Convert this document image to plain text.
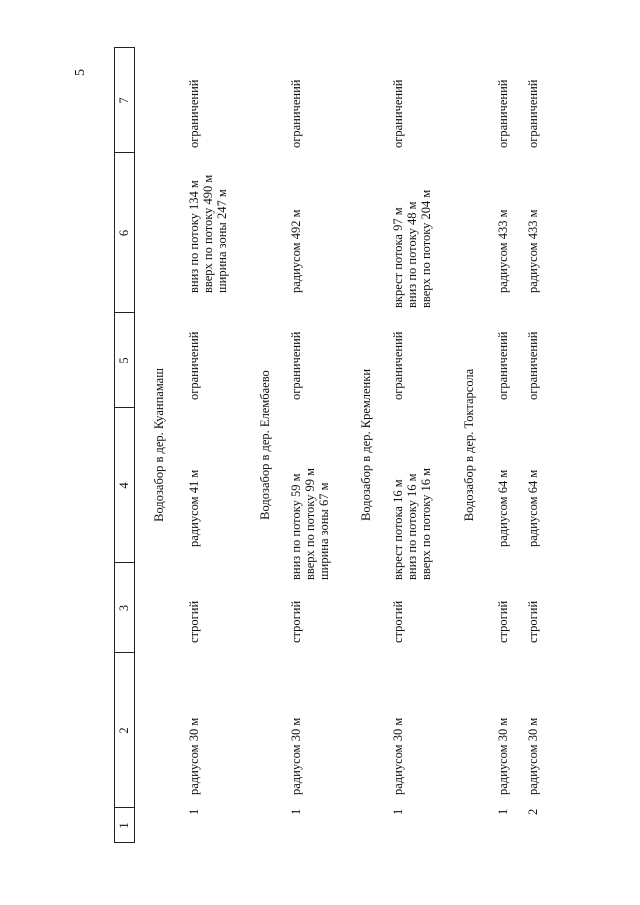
5
1
2
3
4
5
6
7
Водозабор в дер. Куанпамаш
1
радиусом 30 м
строгий
радиусом 41 м
ограничений
вниз по потоку 134 м вверх по потоку 490 м ширина зоны 247 м
ограничений
Водозабор в дер. Елембаево
1
радиусом 30 м
строгий
вниз по потоку 59 м вверх по потоку 99 м ширина зоны 67 м
ограничений
радиусом 492 м
ограничений
Водозабор в дер. Кремленки
1
радиусом 30 м
строгий
вкрест потока 16 м вниз по потоку 16 м вверх по потоку 16 м
ограничений
вкрест потока 97 м вниз по потоку 48 м вверх по потоку 204 м
ограничений
Водозабор в дер. Токтарсола
1
радиусом 30 м
строгий
радиусом 64 м
ограничений
радиусом 433 м
ограничений
2
радиусом 30 м
строгий
радиусом 64 м
ограничений
радиусом 433 м
ограничений
